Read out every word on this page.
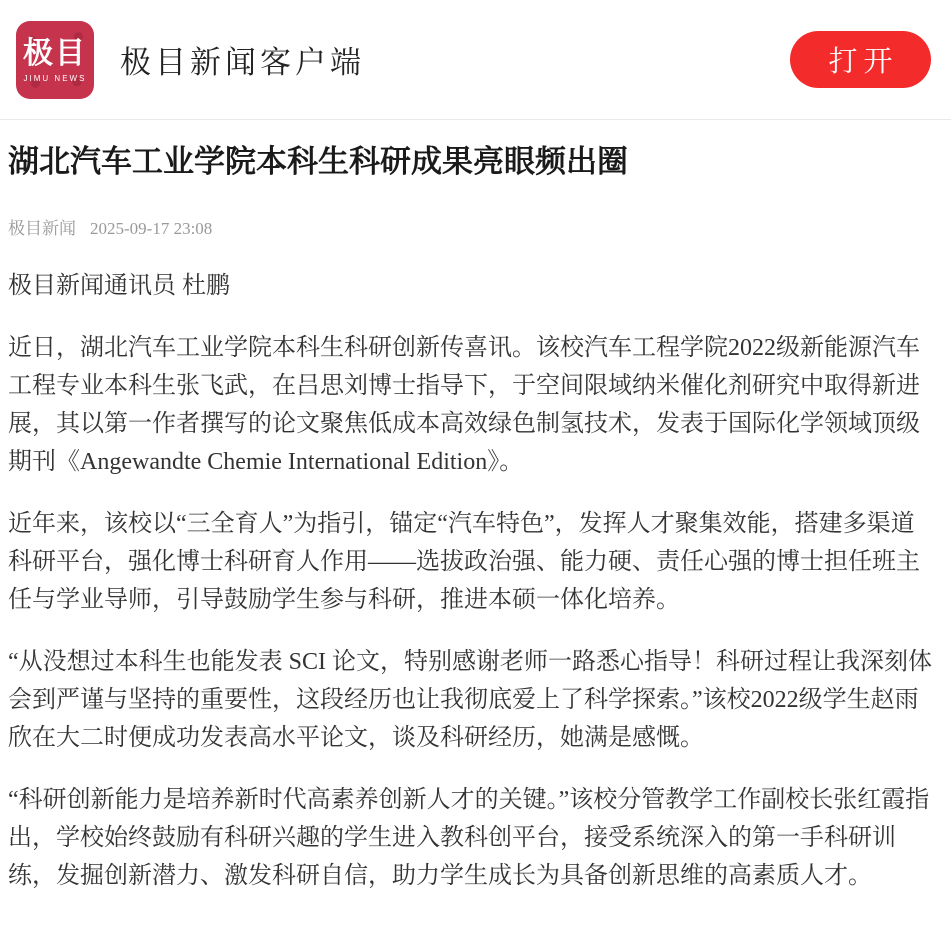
极目
JIMU NEWS 极目新闻客户端	打开
湖北汽车工业学院本科生科研成果亮眼频出圈
极目新闻 2025-09-17 23:08

极目新闻通讯员 杜鹏

近日，湖北汽车工业学院本科生科研创新传喜讯。该校汽车工程学院2022级新能源汽车工程专业本科生张飞武，在吕思刘博士指导下，于空间限域纳米催化剂研究中取得新进展，其以第一作者撰写的论文聚焦低成本高效绿色制氢技术，发表于国际化学领域顶级期刊《Angewandte Chemie International Edition》。

近年来，该校以“三全育人”为指引，锚定“汽车特色”，发挥人才聚集效能，搭建多渠道科研平台，强化博士科研育人作用——选拔政治强、能力硬、责任心强的博士担任班主任与学业导师，引导鼓励学生参与科研，推进本硕一体化培养。

“从没想过本科生也能发表 SCI 论文，特别感谢老师一路悉心指导！科研过程让我深刻体会到严谨与坚持的重要性，这段经历也让我彻底爱上了科学探索。”该校2022级学生赵雨欣在大二时便成功发表高水平论文，谈及科研经历，她满是感慨。

“科研创新能力是培养新时代高素养创新人才的关键。”该校分管教学工作副校长张红霞指出，学校始终鼓励有科研兴趣的学生进入教科创平台，接受系统深入的第一手科研训练，发掘创新潜力、激发科研自信，助力学生成长为具备创新思维的高素质人才。
